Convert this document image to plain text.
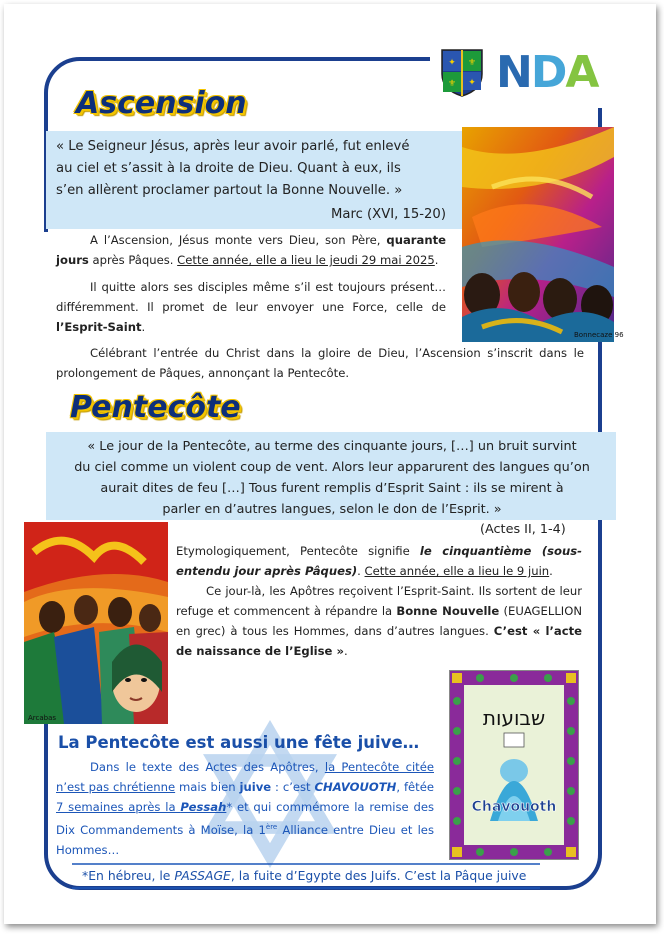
✦ ⚜
⚜ ✦ NDA
Ascension
« Le Seigneur Jésus, après leur avoir parlé, fut enlevé
au ciel et s’assit à la droite de Dieu. Quant à eux, ils
s’en allèrent proclamer partout la Bonne Nouvelle. »
Marc (XVI, 15-20)
Bonnecaze 96
A l’Ascension, Jésus monte vers Dieu, son Père, quarante jours après Pâques. Cette année, elle a lieu le jeudi 29 mai 2025.
Il quitte alors ses disciples même s’il est toujours présent… différemment. Il promet de leur envoyer une Force, celle de l’Esprit-Saint.
Célébrant l’entrée du Christ dans la gloire de Dieu, l’Ascension s’inscrit dans le prolongement de Pâques, annonçant la Pentecôte.
Pentecôte
« Le jour de la Pentecôte, au terme des cinquante jours, […] un bruit survint
du ciel comme un violent coup de vent. Alors leur apparurent des langues qu’on
aurait dites de feu […] Tous furent remplis d’Esprit Saint : ils se mirent à
parler en d’autres langues, selon le don de l’Esprit. »
(Actes II, 1-4)
Arcabas
Etymologiquement, Pentecôte signifie le cinquantième (sous-entendu jour après Pâques). Cette année, elle a lieu le 9 juin.
Ce jour-là, les Apôtres reçoivent l’Esprit-Saint. Ils sortent de leur refuge et commencent à répandre la Bonne Nouvelle (EUAGELLION en grec) à tous les Hommes, dans d’autres langues. C’est « l’acte de naissance de l’Eglise ».
La Pentecôte est aussi une fête juive…
Dans le texte des Actes des Apôtres, la Pentecôte citée n’est pas chrétienne mais bien juive : c’est CHAVOUOTH, fêtée 7 semaines après la Pessah* et qui commémore la remise des Dix Commandements à Moïse, la 1ère Alliance entre Dieu et les Hommes…
שבועות
Chavouoth
*En hébreu, le PASSAGE, la fuite d’Egypte des Juifs. C’est la Pâque juive
